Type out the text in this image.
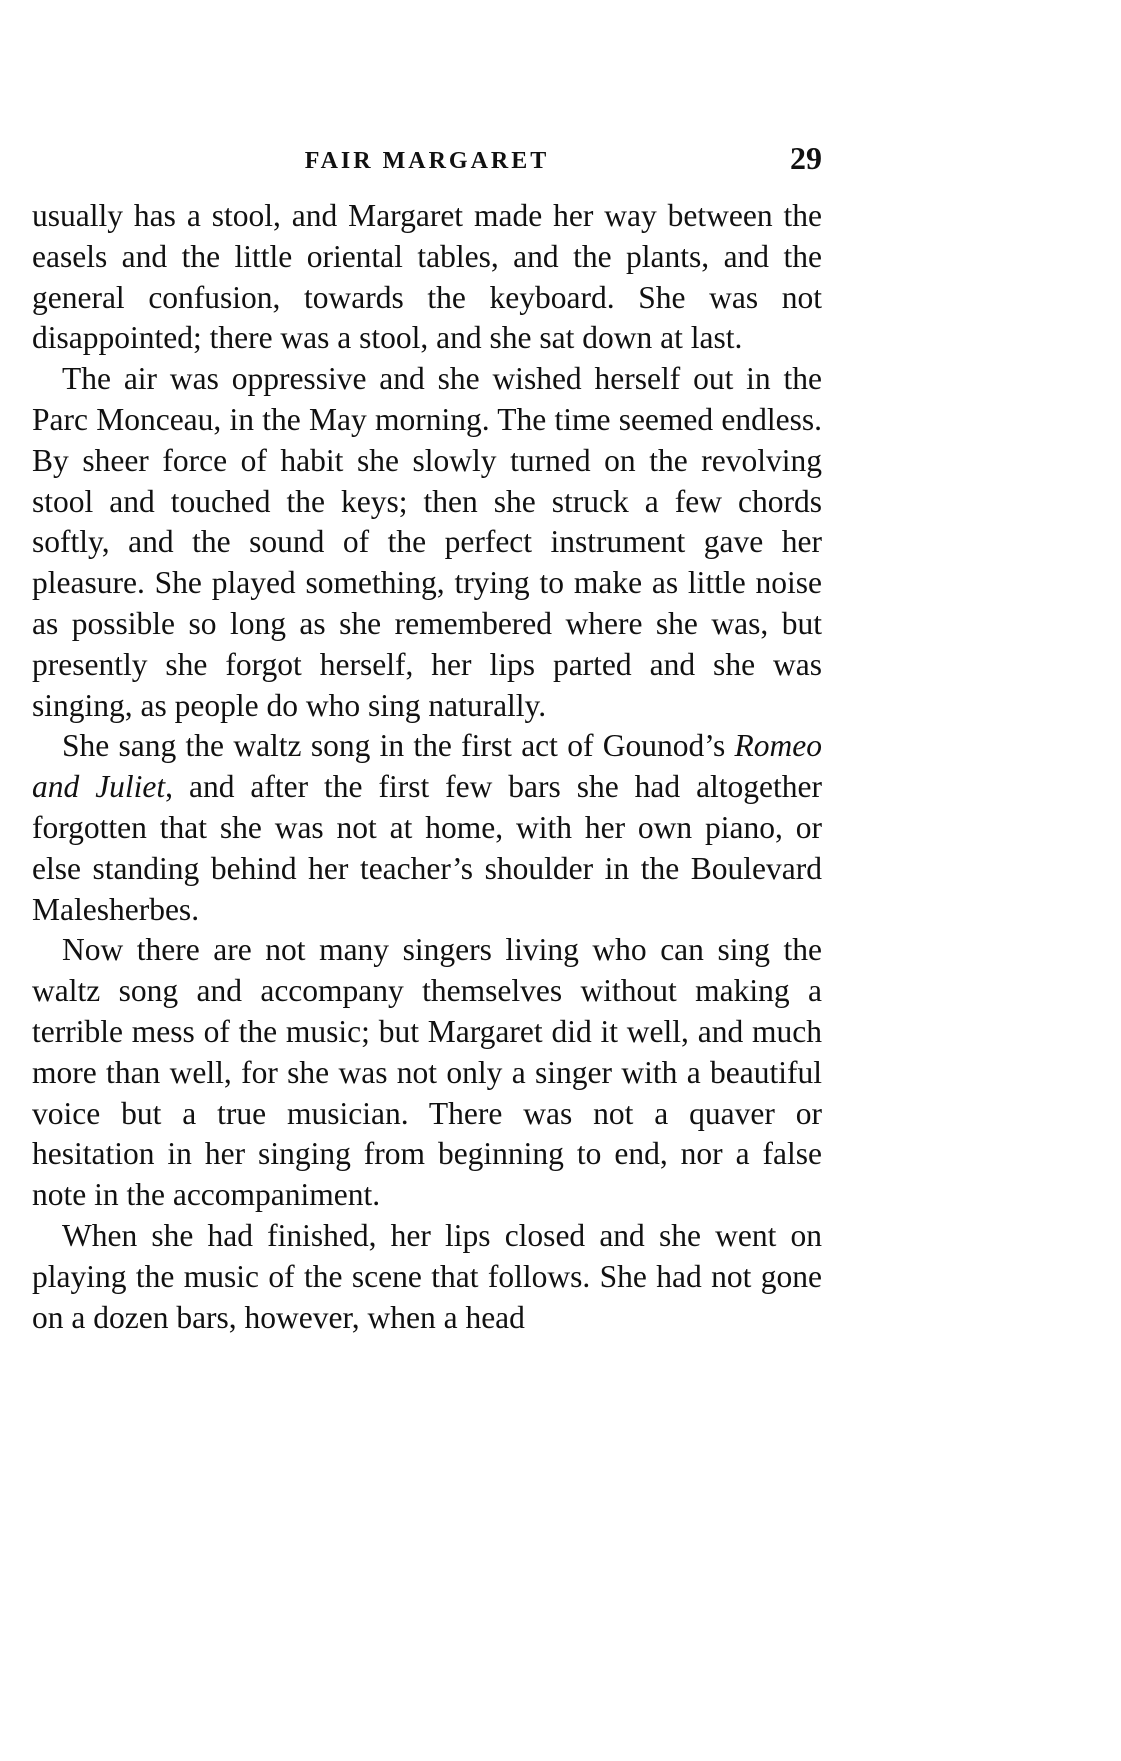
FAIR MARGARET	29

usually has a stool, and Margaret made her way between the easels and the little oriental tables, and the plants, and the general confusion, towards the keyboard. She was not disappointed; there was a stool, and she sat down at last.

The air was oppressive and she wished herself out in the Parc Monceau, in the May morning. The time seemed endless. By sheer force of habit she slowly turned on the revolving stool and touched the keys; then she struck a few chords softly, and the sound of the perfect instrument gave her pleasure. She played something, trying to make as little noise as possible so long as she remembered where she was, but presently she forgot herself, her lips parted and she was singing, as people do who sing naturally.

She sang the waltz song in the first act of Gounod’s Romeo and Juliet, and after the first few bars she had altogether forgotten that she was not at home, with her own piano, or else standing behind her teacher’s shoulder in the Boulevard Malesherbes.

Now there are not many singers living who can sing the waltz song and accompany themselves without making a terrible mess of the music; but Margaret did it well, and much more than well, for she was not only a singer with a beautiful voice but a true musician. There was not a quaver or hesitation in her singing from beginning to end, nor a false note in the accompaniment.

When she had finished, her lips closed and she went on playing the music of the scene that follows. She had not gone on a dozen bars, however, when a head
